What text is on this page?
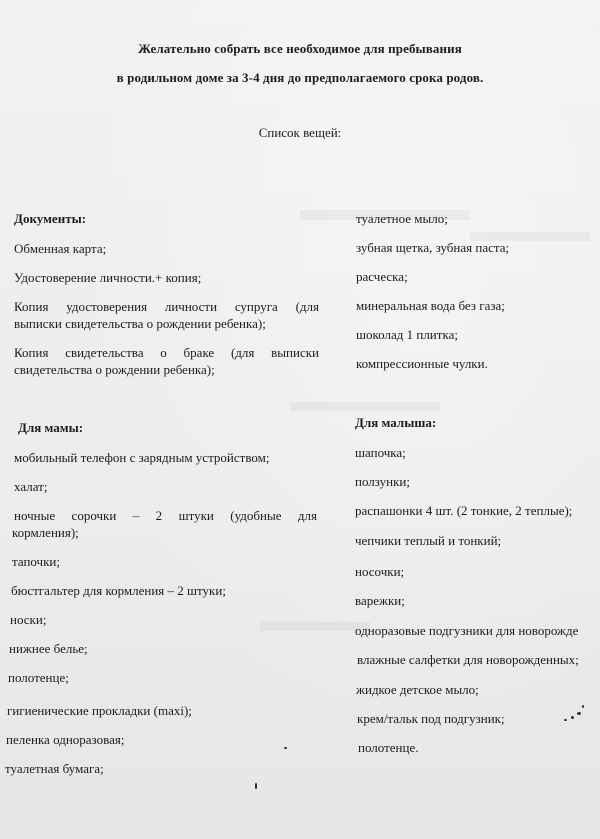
Желательно собрать все необходимое для пребывания
в родильном доме за 3-4 дня до предполагаемого срока родов.
Список вещей:
Документы:
Обменная карта;
Удостоверение личности.+ копия;
Копия удостоверения личности супруга (для
выписки свидетельства о рождении ребенка);
Копия свидетельства о браке (для выписки
свидетельства о рождении ребенка);
Для мамы:
мобильный телефон с зарядным устройством;
халат;
ночные сорочки – 2 штуки (удобные для
кормления);
тапочки;
бюстгальтер для кормления – 2 штуки;
носки;
нижнее белье;
полотенце;
гигиенические прокладки (maxi);
пеленка одноразовая;
туалетная бумага;
туалетное мыло;
зубная щетка, зубная паста;
расческа;
минеральная вода без газа;
шоколад 1 плитка;
компрессионные чулки.
Для малыша:
шапочка;
ползунки;
распашонки 4 шт. (2 тонкие, 2 теплые);
чепчики теплый и тонкий;
носочки;
варежки;
одноразовые подгузники для новорожде
влажные салфетки для новорожденных;
жидкое детское мыло;
крем/тальк под подгузник;
полотенце.
